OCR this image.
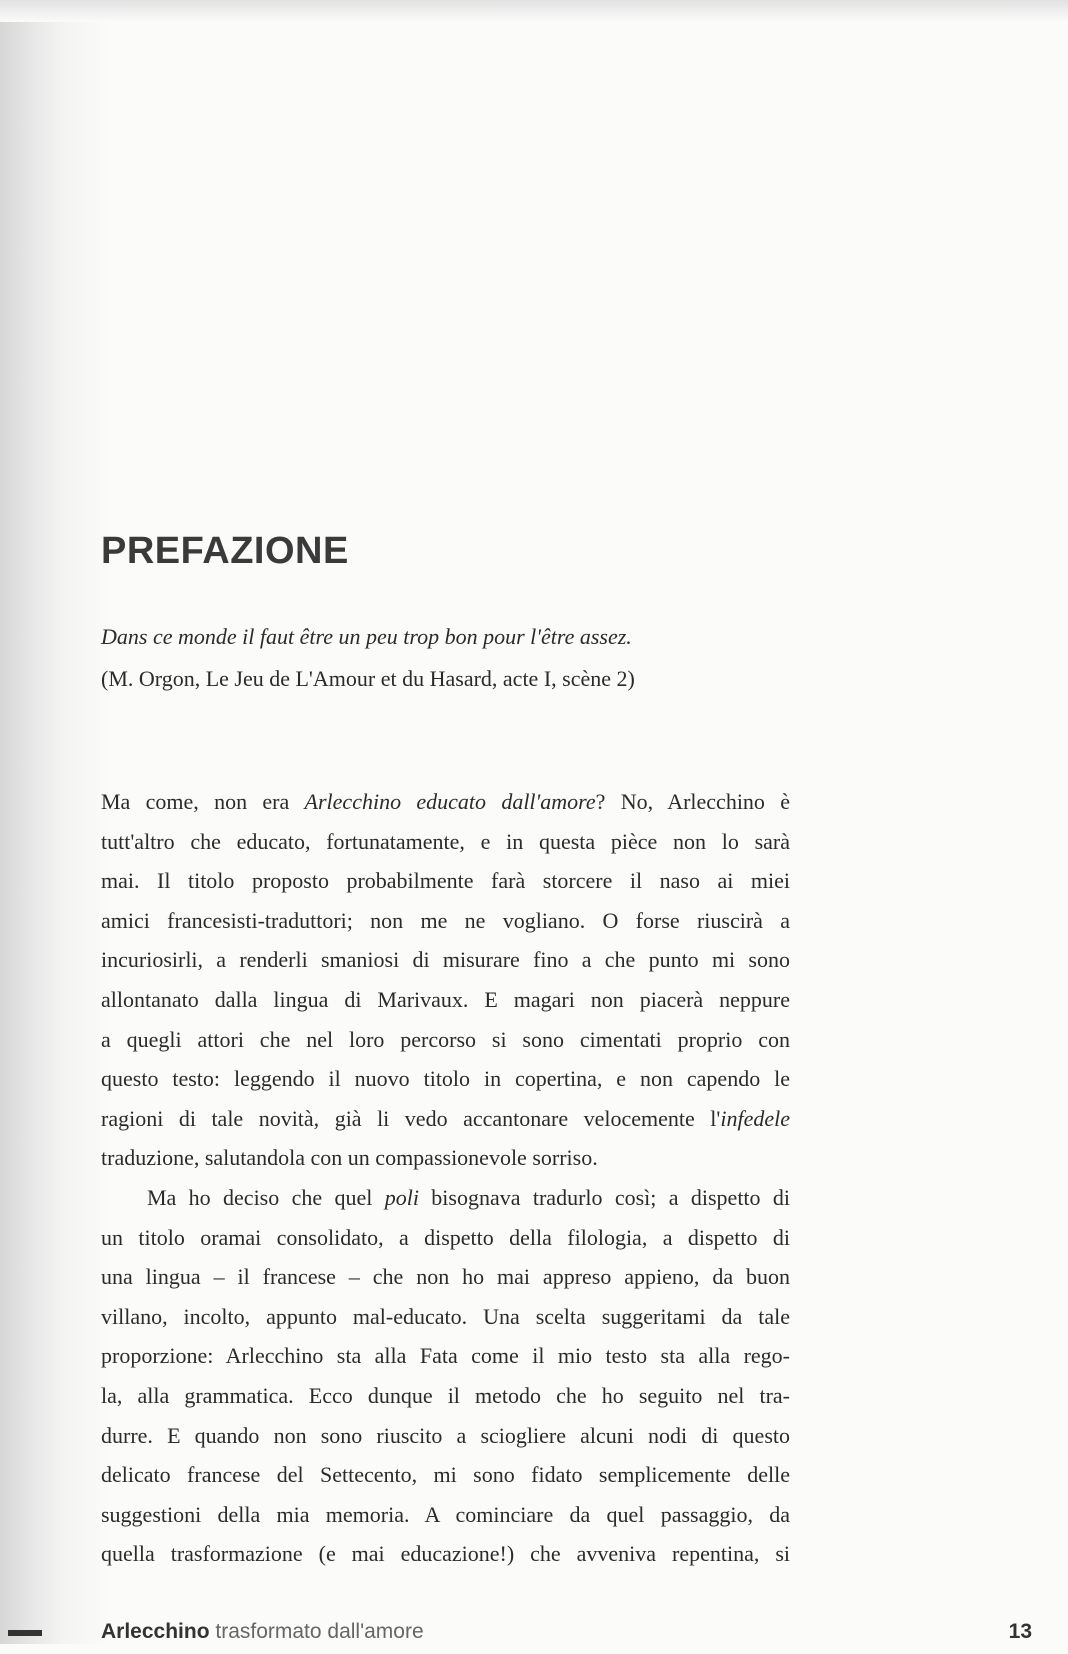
PREFAZIONE
Dans ce monde il faut être un peu trop bon pour l'être assez.
(M. Orgon, Le Jeu de L'Amour et du Hasard, acte I, scène 2)
Ma come, non era Arlecchino educato dall'amore? No, Arlecchino è
tutt'altro che educato, fortunatamente, e in questa pièce non lo sarà
mai. Il titolo proposto probabilmente farà storcere il naso ai miei
amici francesisti-traduttori; non me ne vogliano. O forse riuscirà a
incuriosirli, a renderli smaniosi di misurare fino a che punto mi sono
allontanato dalla lingua di Marivaux. E magari non piacerà neppure
a quegli attori che nel loro percorso si sono cimentati proprio con
questo testo: leggendo il nuovo titolo in copertina, e non capendo le
ragioni di tale novità, già li vedo accantonare velocemente l'infedele
traduzione, salutandola con un compassionevole sorriso.
Ma ho deciso che quel poli bisognava tradurlo così; a dispetto di
un titolo oramai consolidato, a dispetto della filologia, a dispetto di
una lingua – il francese – che non ho mai appreso appieno, da buon
villano, incolto, appunto mal-educato. Una scelta suggeritami da tale
proporzione: Arlecchino sta alla Fata come il mio testo sta alla rego-
la, alla grammatica. Ecco dunque il metodo che ho seguito nel tra-
durre. E quando non sono riuscito a sciogliere alcuni nodi di questo
delicato francese del Settecento, mi sono fidato semplicemente delle
suggestioni della mia memoria. A cominciare da quel passaggio, da
quella trasformazione (e mai educazione!) che avveniva repentina, si
Arlecchino trasformato dall'amore	13
